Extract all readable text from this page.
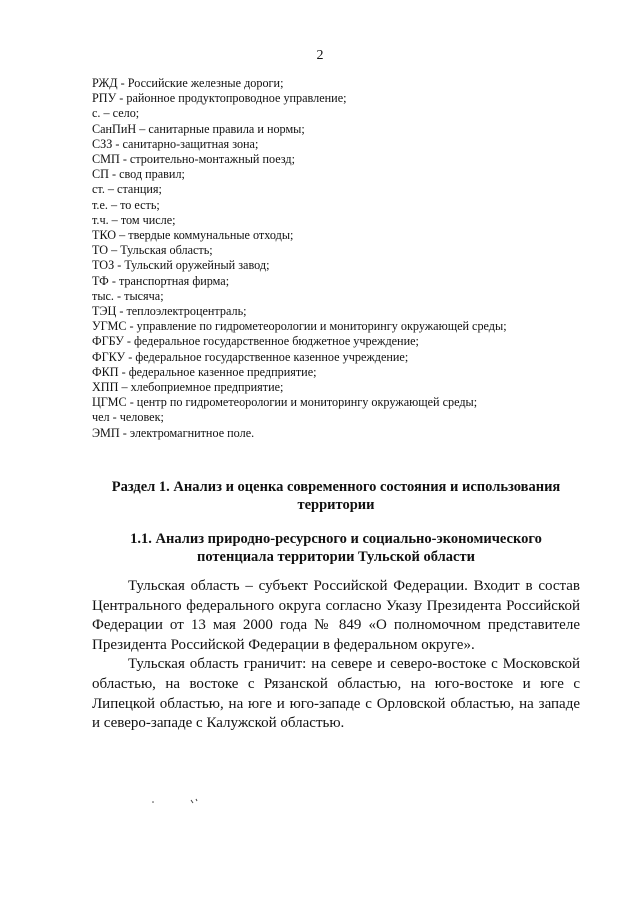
2
РЖД - Российские железные дороги;
РПУ - районное продуктопроводное управление;
с. – село;
СанПиН – санитарные правила и нормы;
СЗЗ - санитарно-защитная зона;
СМП - строительно-монтажный поезд;
СП - свод правил;
ст. – станция;
т.е. – то есть;
т.ч. – том числе;
ТКО – твердые коммунальные отходы;
ТО – Тульская область;
ТОЗ - Тульский оружейный завод;
ТФ - транспортная фирма;
тыс. - тысяча;
ТЭЦ - теплоэлектроцентраль;
УГМС - управление по гидрометеорологии и мониторингу окружающей среды;
ФГБУ - федеральное государственное бюджетное учреждение;
ФГКУ - федеральное государственное казенное учреждение;
ФКП - федеральное казенное предприятие;
ХПП – хлебоприемное предприятие;
ЦГМС - центр по гидрометеорологии и мониторингу окружающей среды;
чел - человек;
ЭМП - электромагнитное поле.
Раздел 1. Анализ и оценка современного состояния и использования
территории
1.1. Анализ природно-ресурсного и социально-экономического
потенциала территории Тульской области

Тульская область – субъект Российской Федерации. Входит в состав Центрального федерального округа согласно Указу Президента Российской Федерации от 13 мая 2000 года № 849 «О полномочном представителе Президента Российской Федерации в федеральном округе».

Тульская область граничит: на севере и северо-востоке с Московской областью, на востоке с Рязанской областью, на юго-востоке и юге с Липецкой областью, на юге и юго-западе с Орловской областью, на западе и северо-западе с Калужской областью.
